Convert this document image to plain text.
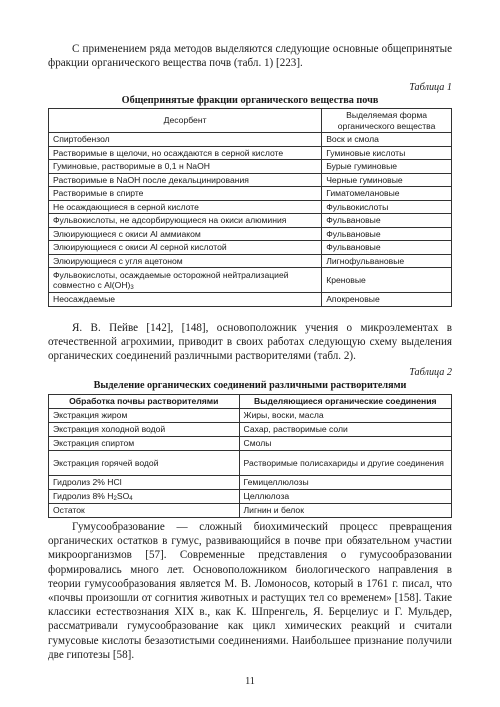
С применением ряда методов выделяются следующие основные общепринятые фракции органического вещества почв (табл. 1) [223].

Таблица 1

Общепринятые фракции органического вещества почв

Десорбент	Выделяемая форма органического вещества
Спиртобензол	Воск и смола
Растворимые в щелочи, но осаждаются в серной кислоте	Гуминовые кислоты
Гуминовые, растворимые в 0,1 н NaOH	Бурые гуминовые
Растворимые в NaOH после декальцинирования	Черные гуминовые
Растворимые в спирте	Гиматомелановые
Не осаждающиеся в серной кислоте	Фульвокислоты
Фульвокислоты, не адсорбирующиеся на окиси алюминия	Фульвановые
Элюирующиеся с окиси Al аммиаком	Фульвановые
Элюирующиеся с окиси Al серной кислотой	Фульвановые
Элюирующиеся с угля ацетоном	Лигнофульвановые
Фульвокислоты, осаждаемые осторожной нейтрализацией совместно с $Al(OH)_3$	Креновые
Неосаждаемые	Апокреновые

Я. В. Пейве [142], [148], основоположник учения о микроэлементах в отечественной агрохимии, приводит в своих работах следующую схему выделения органических соединений различными растворителями (табл. 2).

Таблица 2

Выделение органических соединений различными растворителями

Обработка почвы растворителями	Выделяющиеся органические соединения
Экстракция жиром	Жиры, воски, масла
Экстракция холодной водой	Сахар, растворимые соли
Экстракция спиртом	Смолы
Экстракция горячей водой	Растворимые полисахариды и другие соединения
Гидролиз 2% HCl	Гемицеллюлозы
Гидролиз 8% $H_2SO_4$	Целлюлоза
Остаток	Лигнин и белок

Гумусообразование — сложный биохимический процесс превращения органических остатков в гумус, развивающийся в почве при обязательном участии микроорганизмов [57]. Современные представления о гумусообразовании формировались много лет. Основоположником биологического направления в теории гумусообразования является М. В. Ломоносов, который в 1761 г. писал, что «почвы произошли от согнития животных и растущих тел со временем» [158]. Такие классики естествознания XIX в., как К. Шпренгель, Я. Берцелиус и Г. Мульдер, рассматривали гумусообразование как цикл химических реакций и считали гумусовые кислоты безазотистыми соединениями. Наибольшее признание получили две гипотезы [58].

11
